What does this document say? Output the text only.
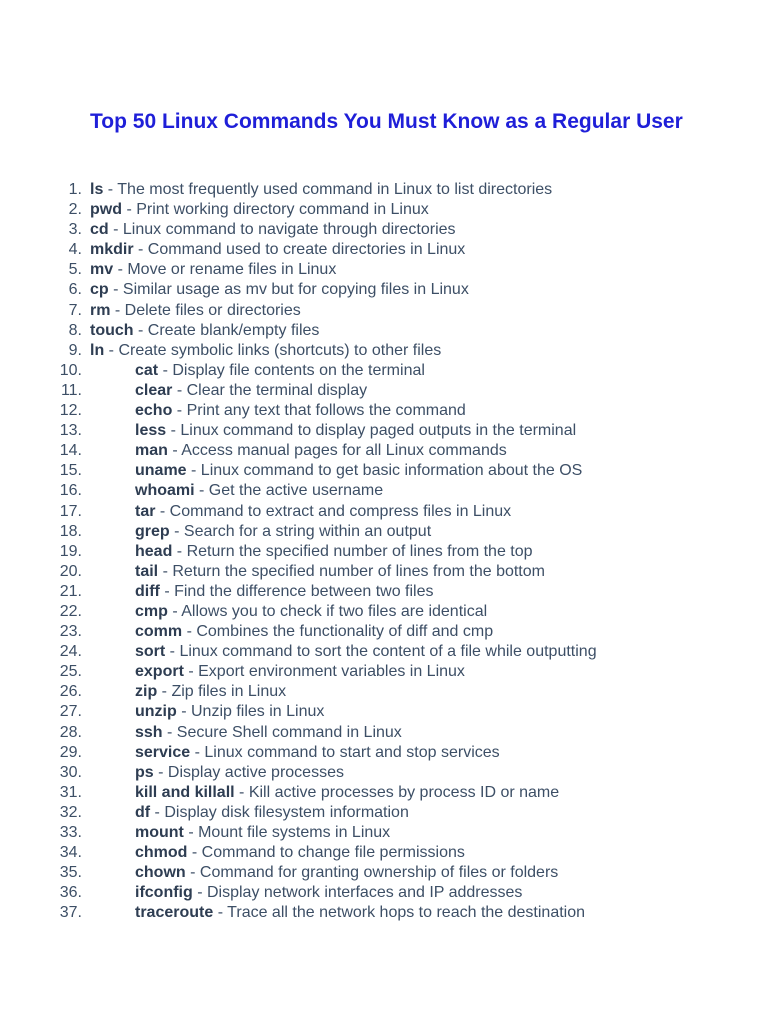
Top 50 Linux Commands You Must Know as a Regular User
1. ls - The most frequently used command in Linux to list directories
2. pwd - Print working directory command in Linux
3. cd - Linux command to navigate through directories
4. mkdir - Command used to create directories in Linux
5. mv - Move or rename files in Linux
6. cp - Similar usage as mv but for copying files in Linux
7. rm - Delete files or directories
8. touch - Create blank/empty files
9. ln - Create symbolic links (shortcuts) to other files
10.	cat - Display file contents on the terminal
11.	clear - Clear the terminal display
12.	echo - Print any text that follows the command
13.	less - Linux command to display paged outputs in the terminal
14.	man - Access manual pages for all Linux commands
15.	uname - Linux command to get basic information about the OS
16.	whoami - Get the active username
17.	tar - Command to extract and compress files in Linux
18.	grep - Search for a string within an output
19.	head - Return the specified number of lines from the top
20.	tail - Return the specified number of lines from the bottom
21.	diff - Find the difference between two files
22.	cmp - Allows you to check if two files are identical
23.	comm - Combines the functionality of diff and cmp
24.	sort - Linux command to sort the content of a file while outputting
25.	export - Export environment variables in Linux
26.	zip - Zip files in Linux
27.	unzip - Unzip files in Linux
28.	ssh - Secure Shell command in Linux
29.	service - Linux command to start and stop services
30.	ps - Display active processes
31.	kill and killall - Kill active processes by process ID or name
32.	df - Display disk filesystem information
33.	mount - Mount file systems in Linux
34.	chmod - Command to change file permissions
35.	chown - Command for granting ownership of files or folders
36.	ifconfig - Display network interfaces and IP addresses
37.	traceroute - Trace all the network hops to reach the destination
